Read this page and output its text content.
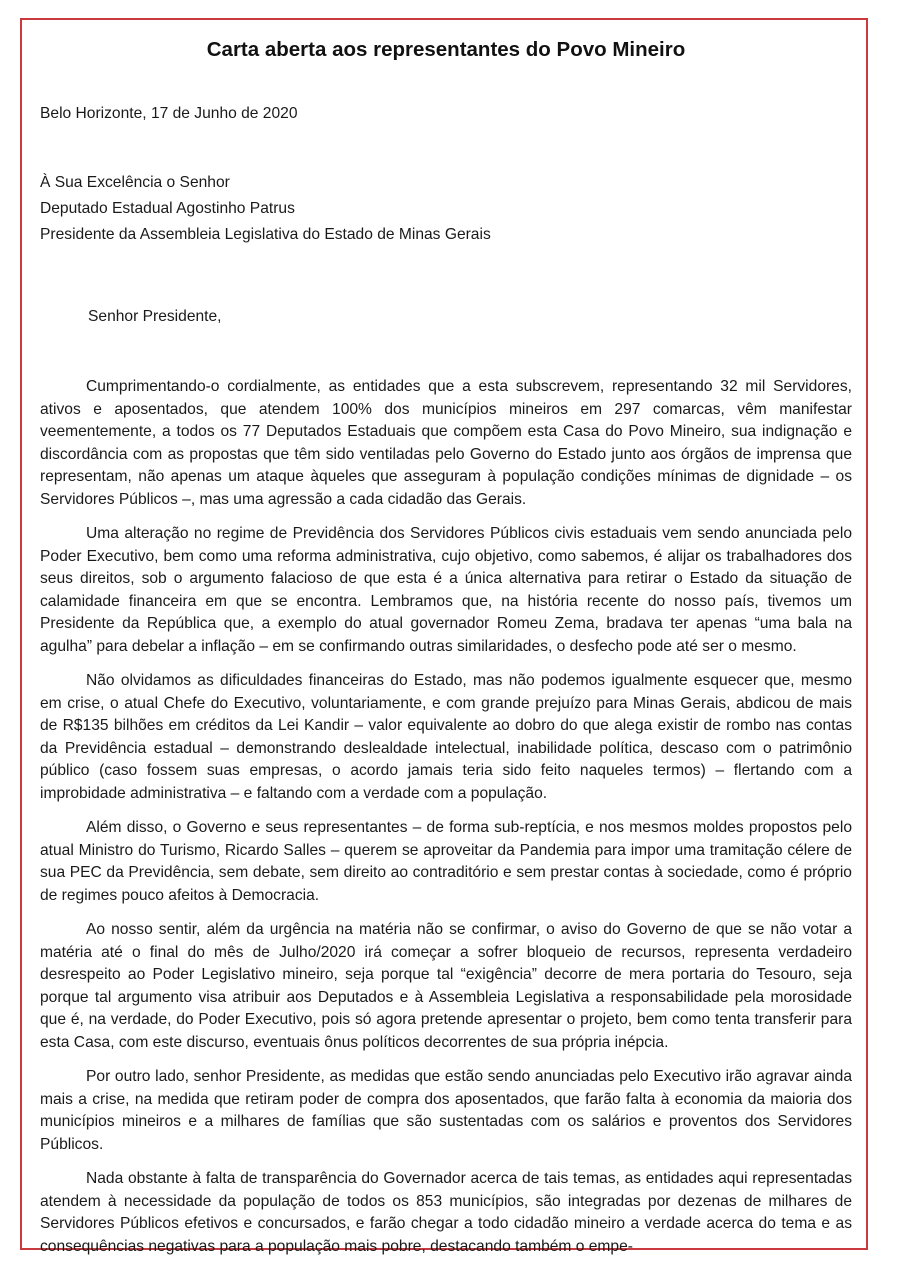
Carta aberta aos representantes do Povo Mineiro
Belo Horizonte, 17 de Junho de 2020
À Sua Excelência o Senhor
Deputado Estadual Agostinho Patrus
Presidente da Assembleia Legislativa do Estado de Minas Gerais
Senhor Presidente,

Cumprimentando-o cordialmente, as entidades que a esta subscrevem, representando 32 mil Servidores, ativos e aposentados, que atendem 100% dos municípios mineiros em 297 comarcas, vêm manifestar veementemente, a todos os 77 Deputados Estaduais que compõem esta Casa do Povo Mineiro, sua indignação e discordância com as propostas que têm sido ventiladas pelo Governo do Estado junto aos órgãos de imprensa que representam, não apenas um ataque àqueles que asseguram à população condições mínimas de dignidade – os Servidores Públicos –, mas uma agressão a cada cidadão das Gerais.

Uma alteração no regime de Previdência dos Servidores Públicos civis estaduais vem sendo anunciada pelo Poder Executivo, bem como uma reforma administrativa, cujo objetivo, como sabemos, é alijar os trabalhadores dos seus direitos, sob o argumento falacioso de que esta é a única alternativa para retirar o Estado da situação de calamidade financeira em que se encontra. Lembramos que, na história recente do nosso país, tivemos um Presidente da República que, a exemplo do atual governador Romeu Zema, bradava ter apenas “uma bala na agulha” para debelar a inflação – em se confirmando outras similaridades, o desfecho pode até ser o mesmo.

Não olvidamos as dificuldades financeiras do Estado, mas não podemos igualmente esquecer que, mesmo em crise, o atual Chefe do Executivo, voluntariamente, e com grande prejuízo para Minas Gerais, abdicou de mais de R$135 bilhões em créditos da Lei Kandir – valor equivalente ao dobro do que alega existir de rombo nas contas da Previdência estadual – demonstrando deslealdade intelectual, inabilidade política, descaso com o patrimônio público (caso fossem suas empresas, o acordo jamais teria sido feito naqueles termos) – flertando com a improbidade administrativa – e faltando com a verdade com a população.

Além disso, o Governo e seus representantes – de forma sub-reptícia, e nos mesmos moldes propostos pelo atual Ministro do Turismo, Ricardo Salles – querem se aproveitar da Pandemia para impor uma tramitação célere de sua PEC da Previdência, sem debate, sem direito ao contraditório e sem prestar contas à sociedade, como é próprio de regimes pouco afeitos à Democracia.

Ao nosso sentir, além da urgência na matéria não se confirmar, o aviso do Governo de que se não votar a matéria até o final do mês de Julho/2020 irá começar a sofrer bloqueio de recursos, representa verdadeiro desrespeito ao Poder Legislativo mineiro, seja porque tal “exigência” decorre de mera portaria do Tesouro, seja porque tal argumento visa atribuir aos Deputados e à Assembleia Legislativa a responsabilidade pela morosidade que é, na verdade, do Poder Executivo, pois só agora pretende apresentar o projeto, bem como tenta transferir para esta Casa, com este discurso, eventuais ônus políticos decorrentes de sua própria inépcia.

Por outro lado, senhor Presidente, as medidas que estão sendo anunciadas pelo Executivo irão agravar ainda mais a crise, na medida que retiram poder de compra dos aposentados, que farão falta à economia da maioria dos municípios mineiros e a milhares de famílias que são sustentadas com os salários e proventos dos Servidores Públicos.

Nada obstante à falta de transparência do Governador acerca de tais temas, as entidades aqui representadas atendem à necessidade da população de todos os 853 municípios, são integradas por dezenas de milhares de Servidores Públicos efetivos e concursados, e farão chegar a todo cidadão mineiro a verdade acerca do tema e as consequências negativas para a população mais pobre, destacando também o empe-
